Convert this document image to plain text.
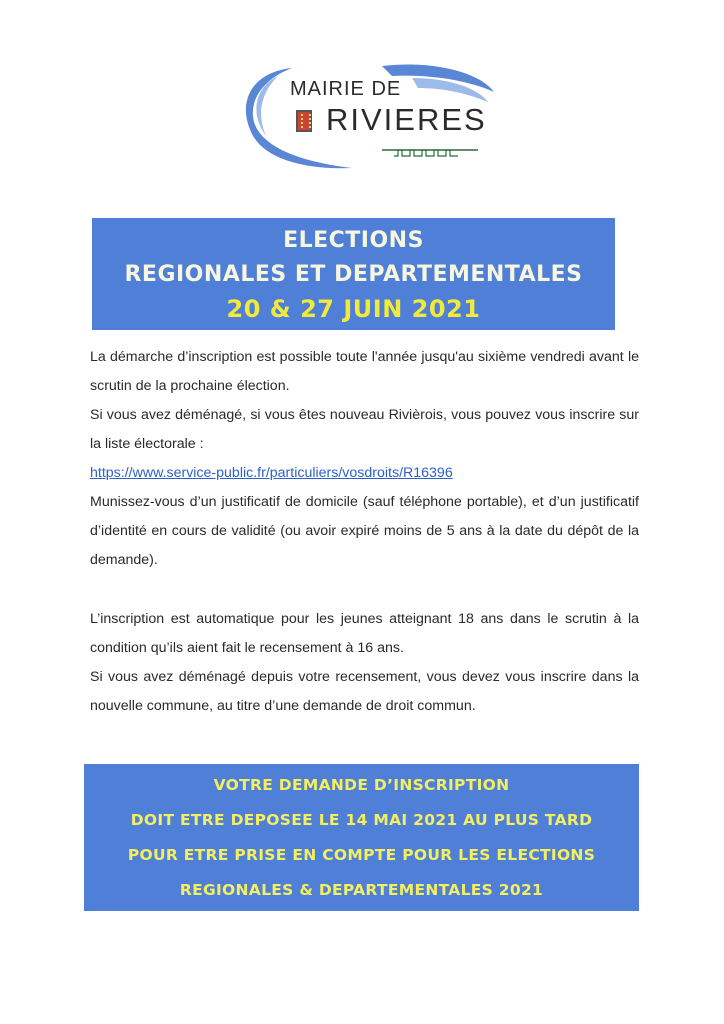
MAIRIE DE
RIVIERES
ELECTIONS
REGIONALES ET DEPARTEMENTALES
20 & 27 JUIN 2021
La démarche d’inscription est possible toute l'année jusqu'au sixième vendredi avant le scrutin de la prochaine élection.
Si vous avez déménagé, si vous êtes nouveau Rivièrois, vous pouvez vous inscrire sur la liste électorale :
https://www.service-public.fr/particuliers/vosdroits/R16396
Munissez-vous d’un justificatif de domicile (sauf téléphone portable), et d’un justificatif d’identité en cours de validité (ou avoir expiré moins de 5 ans à la date du dépôt de la demande).
L’inscription est automatique pour les jeunes atteignant 18 ans dans le scrutin à la condition qu’ils aient fait le recensement à 16 ans.
Si vous avez déménagé depuis votre recensement, vous devez vous inscrire dans la nouvelle commune, au titre d’une demande de droit commun.
VOTRE DEMANDE D’INSCRIPTION
DOIT ETRE DEPOSEE LE 14 MAI 2021 AU PLUS TARD
POUR ETRE PRISE EN COMPTE POUR LES ELECTIONS
REGIONALES & DEPARTEMENTALES 2021
